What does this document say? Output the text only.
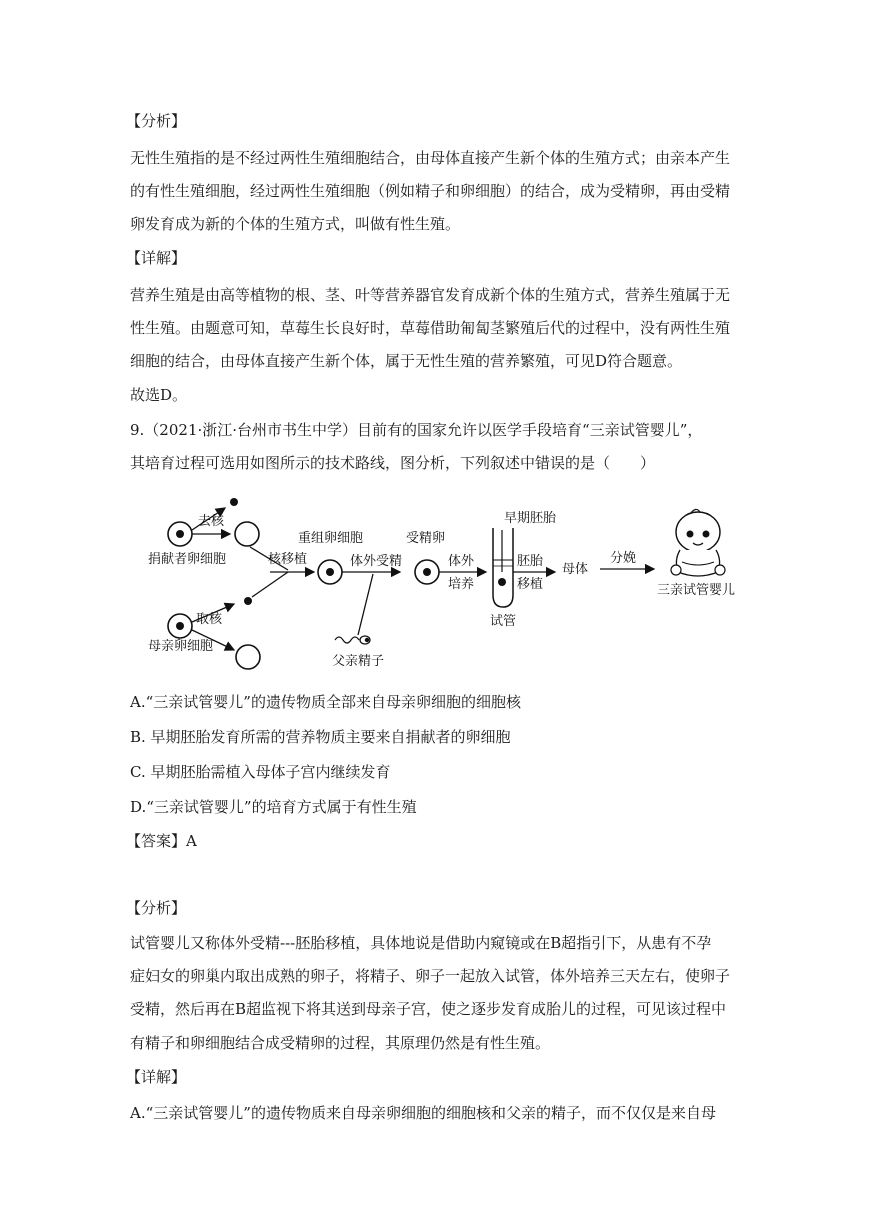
【分析】
无性生殖指的是不经过两性生殖细胞结合，由母体直接产生新个体的生殖方式；由亲本产生
的有性生殖细胞，经过两性生殖细胞（例如精子和卵细胞）的结合，成为受精卵，再由受精
卵发育成为新的个体的生殖方式，叫做有性生殖。
【详解】
营养生殖是由高等植物的根、茎、叶等营养器官发育成新个体的生殖方式，营养生殖属于无
性生殖。由题意可知，草莓生长良好时，草莓借助匍匐茎繁殖后代的过程中，没有两性生殖
细胞的结合，由母体直接产生新个体，属于无性生殖的营养繁殖，可见D符合题意。
故选D。
9.（2021·浙江·台州市书生中学）目前有的国家允许以医学手段培育“三亲试管婴儿”，
其培育过程可选用如图所示的技术路线，图分析，下列叙述中错误的是（　　）
捐献者卵细胞
去核
母亲卵细胞
取核
核移植
重组卵细胞
体外受精
父亲精子
受精卵
体外
培养
早期胚胎
试管
胚胎
移植
母体
分娩
三亲试管婴儿
A.“三亲试管婴儿”的遗传物质全部来自母亲卵细胞的细胞核
B. 早期胚胎发育所需的营养物质主要来自捐献者的卵细胞
C. 早期胚胎需植入母体子宫内继续发育
D.“三亲试管婴儿”的培育方式属于有性生殖
【答案】A
【分析】
试管婴儿又称体外受精---胚胎移植，具体地说是借助内窥镜或在B超指引下，从患有不孕
症妇女的卵巢内取出成熟的卵子，将精子、卵子一起放入试管，体外培养三天左右，使卵子
受精，然后再在B超监视下将其送到母亲子宫，使之逐步发育成胎儿的过程，可见该过程中
有精子和卵细胞结合成受精卵的过程，其原理仍然是有性生殖。
【详解】
A.“三亲试管婴儿”的遗传物质来自母亲卵细胞的细胞核和父亲的精子，而不仅仅是来自母
